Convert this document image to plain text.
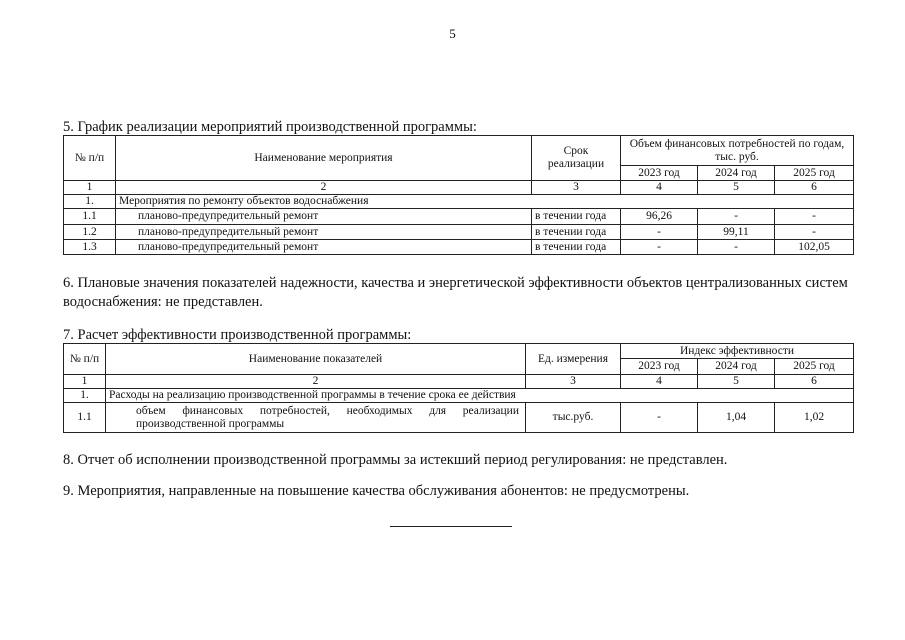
5
5. График реализации мероприятий производственной программы:
№ п/п	Наименование мероприятия	Срок реализации	Объем финансовых потребностей по годам, тыс. руб.		
			2023 год	2024 год	2025 год
1	2	3	4	5	6
1.	Мероприятия по ремонту объектов водоснабжения				
1.1	планово-предупредительный ремонт	в течении года	96,26	-	-
1.2	планово-предупредительный ремонт	в течении года	-	99,11	-
1.3	планово-предупредительный ремонт	в течении года	-	-	102,05
6. Плановые значения показателей надежности, качества и энергетической эффективности объектов централизованных систем водоснабжения: не представлен.
7. Расчет эффективности производственной программы:
№ п/п	Наименование показателей	Ед. измерения	Индекс эффективности		
			2023 год	2024 год	2025 год
1	2	3	4	5	6
1.	Расходы на реализацию производственной программы в течение срока ее действия				
1.1	объем финансовых потребностей, необходимых для реализации производственной программы	тыс.руб.	-	1,04	1,02
8. Отчет об исполнении производственной программы за истекший период регулирования: не представлен.
9. Мероприятия, направленные на повышение качества обслуживания абонентов: не предусмотрены.
